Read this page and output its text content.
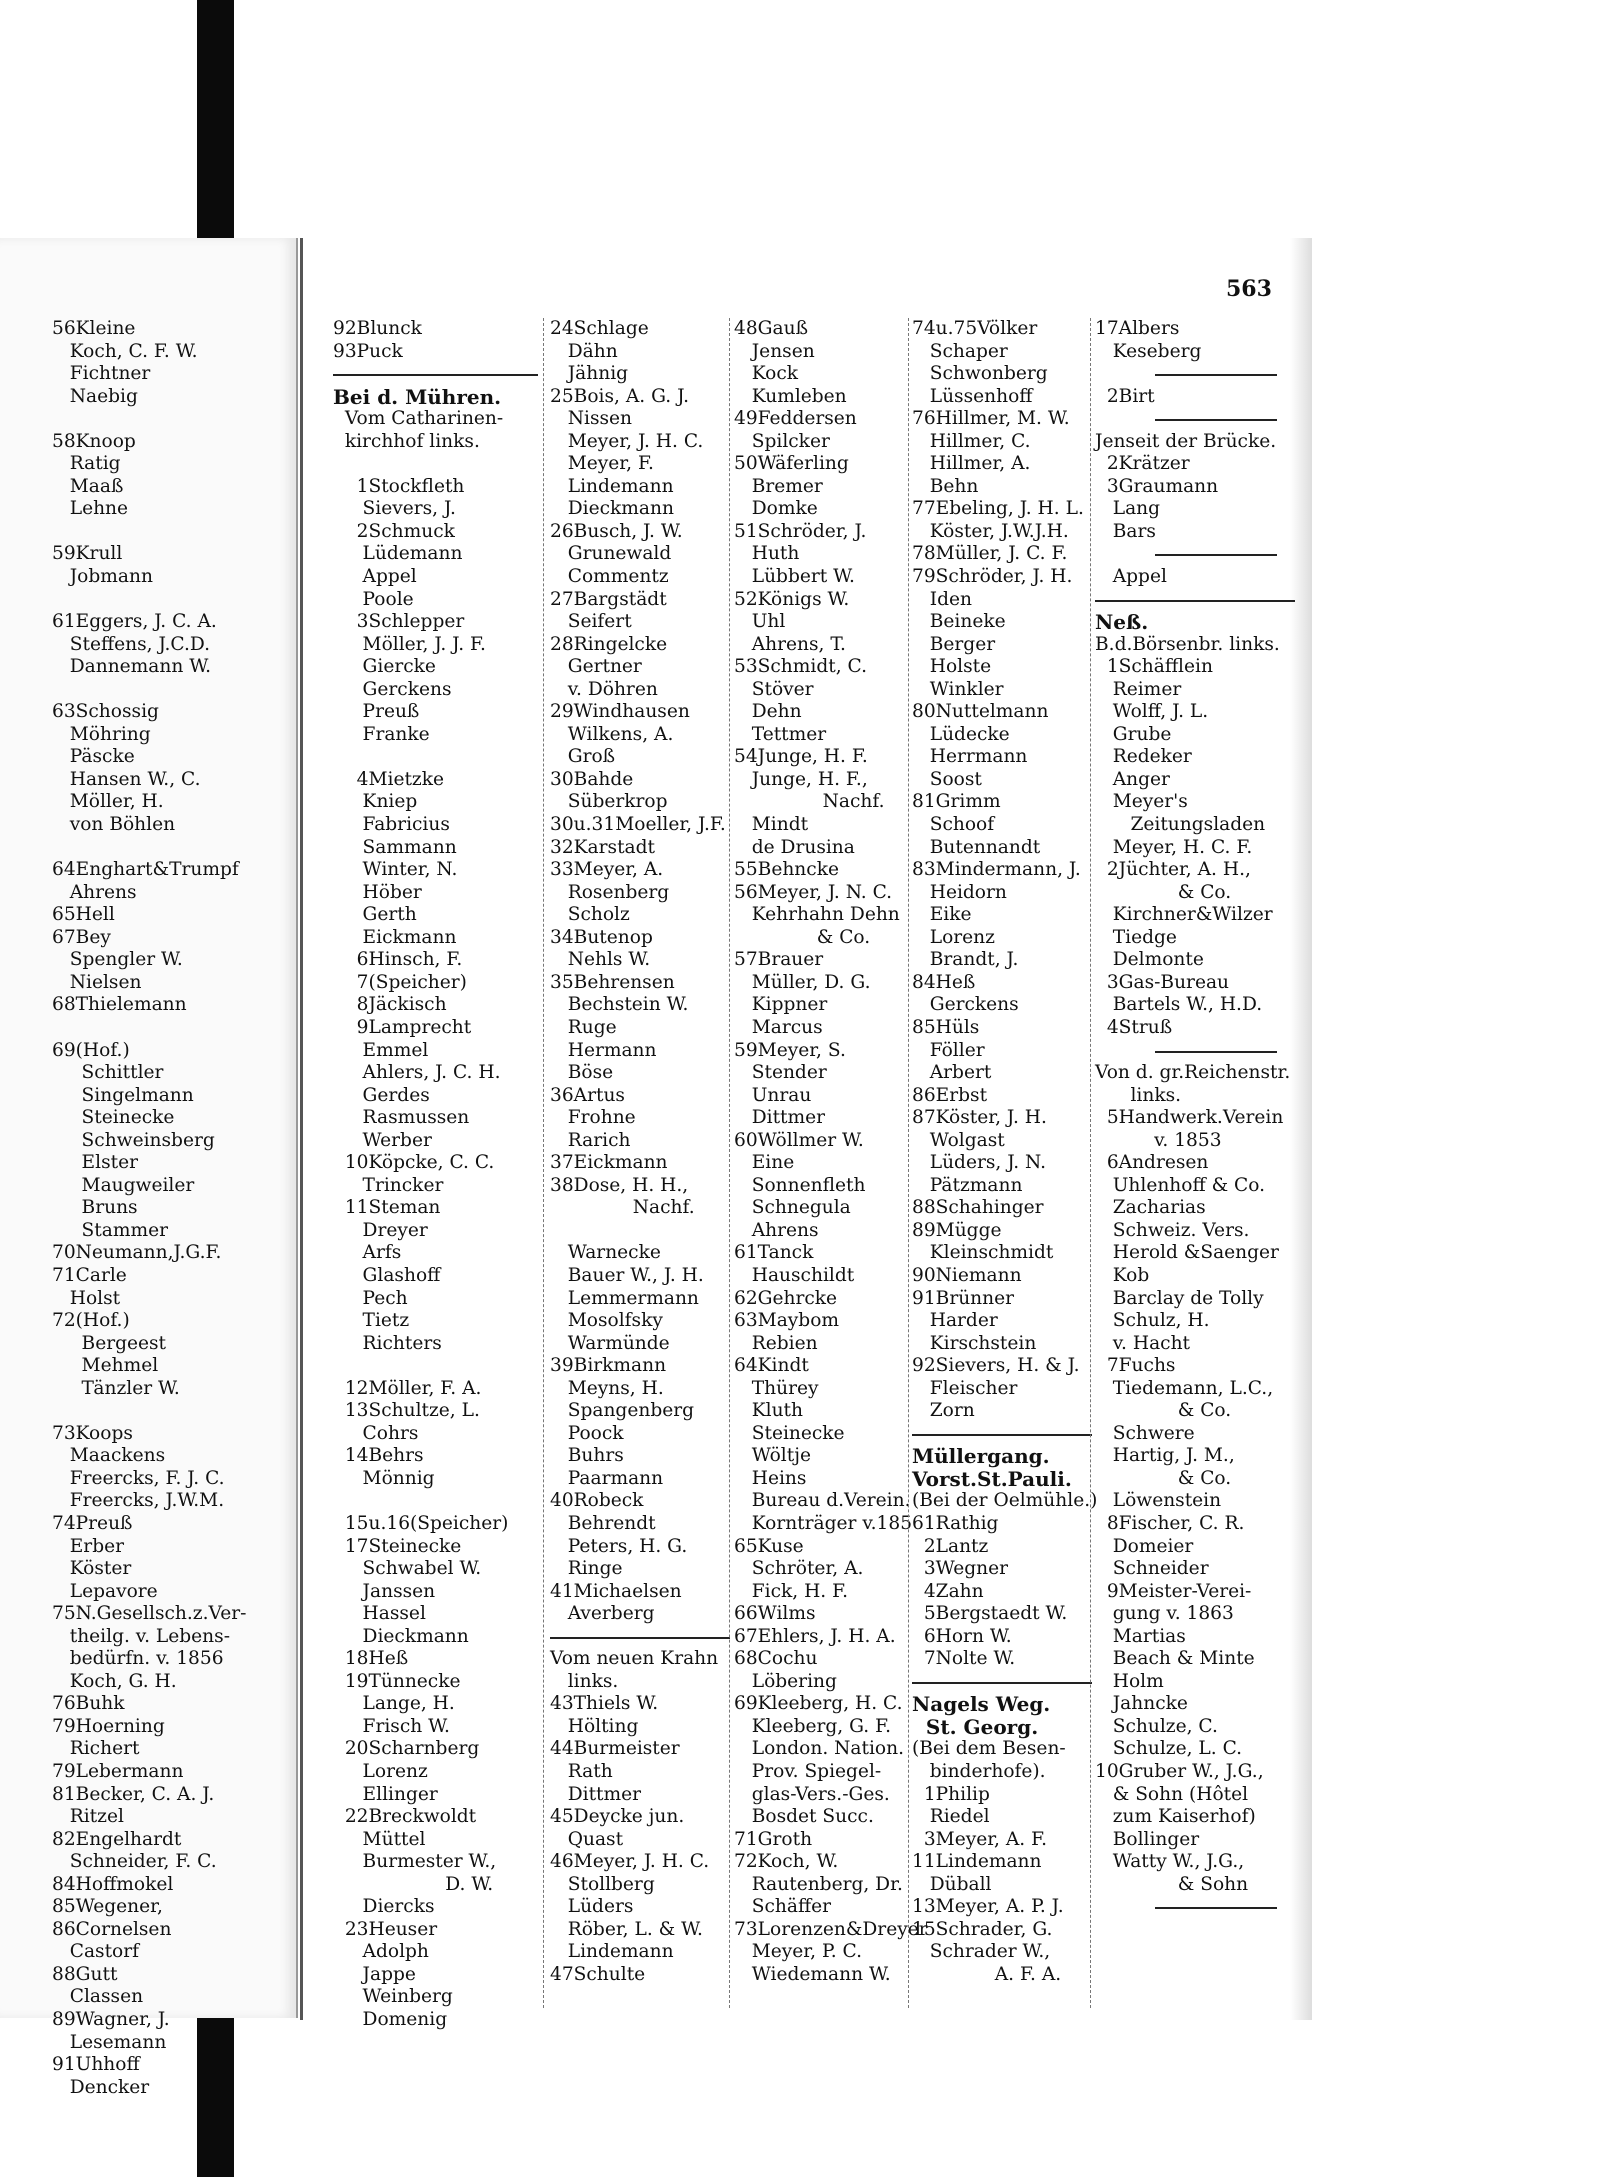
563
56Kleine
Koch, C. F. W.
Fichtner
Naebig
58Knoop
Ratig
Maaß
Lehne
59Krull
Jobmann
61Eggers, J. C. A.
Steffens, J.C.D.
Dannemann W.
63Schossig
Möhring
Päscke
Hansen W., C.
Möller, H.
von Böhlen
64Enghart&Trumpf
Ahrens
65Hell
67Bey
Spengler W.
Nielsen
68Thielemann
69(Hof.)
Schittler
Singelmann
Steinecke
Schweinsberg
Elster
Maugweiler
Bruns
Stammer
70Neumann,J.G.F.
71Carle
Holst
72(Hof.)
Bergeest
Mehmel
Tänzler W.
73Koops
Maackens
Freercks, F. J. C.
Freercks, J.W.M.
74Preuß
Erber
Köster
Lepavore
75N.Gesellsch.z.Ver-
theilg. v. Lebens-
bedürfn. v. 1856
Koch, G. H.
76Buhk
79Hoerning
Richert
79Lebermann
81Becker, C. A. J.
Ritzel
82Engelhardt
Schneider, F. C.
84Hoffmokel
85Wegener,
86Cornelsen
Castorf
88Gutt
Classen
89Wagner, J.
Lesemann
91Uhhoff
Dencker
92Blunck
93Puck
Bei d. Mühren.
Vom Catharinen-
kirchhof links.
1Stockfleth
Sievers, J.
2Schmuck
Lüdemann
Appel
Poole
3Schlepper
Möller, J. J. F.
Giercke
Gerckens
Preuß
Franke
4Mietzke
Kniep
Fabricius
Sammann
Winter, N.
Höber
Gerth
Eickmann
6Hinsch, F.
7(Speicher)
8Jäckisch
9Lamprecht
Emmel
Ahlers, J. C. H.
Gerdes
Rasmussen
Werber
10Köpcke, C. C.
Trincker
11Steman
Dreyer
Arfs
Glashoff
Pech
Tietz
Richters
12Möller, F. A.
13Schultze, L.
Cohrs
14Behrs
Mönnig
15u.16(Speicher)
17Steinecke
Schwabel W.
Janssen
Hassel
Dieckmann
18Heß
19Tünnecke
Lange, H.
Frisch W.
20Scharnberg
Lorenz
Ellinger
22Breckwoldt
Müttel
Burmester W.,
D. W.
Diercks
23Heuser
Adolph
Jappe
Weinberg
Domenig
24Schlage
Dähn
Jähnig
25Bois, A. G. J.
Nissen
Meyer, J. H. C.
Meyer, F.
Lindemann
Dieckmann
26Busch, J. W.
Grunewald
Commentz
27Bargstädt
Seifert
28Ringelcke
Gertner
v. Döhren
29Windhausen
Wilkens, A.
Groß
30Bahde
Süberkrop
30u.31Moeller, J.F.
32Karstadt
33Meyer, A.
Rosenberg
Scholz
34Butenop
Nehls W.
35Behrensen
Bechstein W.
Ruge
Hermann
Böse
36Artus
Frohne
Rarich
37Eickmann
38Dose, H. H.,
Nachf.
Warnecke
Bauer W., J. H.
Lemmermann
Mosolfsky
Warmünde
39Birkmann
Meyns, H.
Spangenberg
Poock
Buhrs
Paarmann
40Robeck
Behrendt
Peters, H. G.
Ringe
41Michaelsen
Averberg
Vom neuen Krahn
links.
43Thiels W.
Hölting
44Burmeister
Rath
Dittmer
45Deycke jun.
Quast
46Meyer, J. H. C.
Stollberg
Lüders
Röber, L. & W.
Lindemann
47Schulte
48Gauß
Jensen
Kock
Kumleben
49Feddersen
Spilcker
50Wäferling
Bremer
Domke
51Schröder, J.
Huth
Lübbert W.
52Königs W.
Uhl
Ahrens, T.
53Schmidt, C.
Stöver
Dehn
Tettmer
54Junge, H. F.
Junge, H. F.,
Nachf.
Mindt
de Drusina
55Behncke
56Meyer, J. N. C.
Kehrhahn Dehn
& Co.
57Brauer
Müller, D. G.
Kippner
Marcus
59Meyer, S.
Stender
Unrau
Dittmer
60Wöllmer W.
Eine
Sonnenfleth
Schnegula
Ahrens
61Tanck
Hauschildt
62Gehrcke
63Maybom
Rebien
64Kindt
Thürey
Kluth
Steinecke
Wöltje
Heins
Bureau d.Verein.
Kornträger v.1856
65Kuse
Schröter, A.
Fick, H. F.
66Wilms
67Ehlers, J. H. A.
68Cochu
Löbering
69Kleeberg, H. C.
Kleeberg, G. F.
London. Nation.
Prov. Spiegel-
glas-Vers.-Ges.
Bosdet Succ.
71Groth
72Koch, W.
Rautenberg, Dr.
Schäffer
73Lorenzen&Dreyer
Meyer, P. C.
Wiedemann W.
74u.75Völker
Schaper
Schwonberg
Lüssenhoff
76Hillmer, M. W.
Hillmer, C.
Hillmer, A.
Behn
77Ebeling, J. H. L.
Köster, J.W.J.H.
78Müller, J. C. F.
79Schröder, J. H.
Iden
Beineke
Berger
Holste
Winkler
80Nuttelmann
Lüdecke
Herrmann
Soost
81Grimm
Schoof
Butennandt
83Mindermann, J.
Heidorn
Eike
Lorenz
Brandt, J.
84Heß
Gerckens
85Hüls
Föller
Arbert
86Erbst
87Köster, J. H.
Wolgast
Lüders, J. N.
Pätzmann
88Schahinger
89Mügge
Kleinschmidt
90Niemann
91Brünner
Harder
Kirschstein
92Sievers, H. & J.
Fleischer
Zorn
Müllergang.
Vorst.St.Pauli.
(Bei der Oelmühle.)
1Rathig
2Lantz
3Wegner
4Zahn
5Bergstaedt W.
6Horn W.
7Nolte W.
Nagels Weg.
St. Georg.
(Bei dem Besen-
binderhofe).
1Philip
Riedel
3Meyer, A. F.
11Lindemann
Düball
13Meyer, A. P. J.
15Schrader, G.
Schrader W.,
A. F. A.
17Albers
Keseberg
2Birt
Jenseit der Brücke.
2Krätzer
3Graumann
Lang
Bars
Appel
Neß.
B.d.Börsenbr. links.
1Schäfflein
Reimer
Wolff, J. L.
Grube
Redeker
Anger
Meyer's
Zeitungsladen
Meyer, H. C. F.
2Jüchter, A. H.,
& Co.
Kirchner&Wilzer
Tiedge
Delmonte
3Gas-Bureau
Bartels W., H.D.
4Struß
Von d. gr.Reichenstr.
links.
5Handwerk.Verein
v. 1853
6Andresen
Uhlenhoff & Co.
Zacharias
Schweiz. Vers.
Herold &Saenger
Kob
Barclay de Tolly
Schulz, H.
v. Hacht
7Fuchs
Tiedemann, L.C.,
& Co.
Schwere
Hartig, J. M.,
& Co.
Löwenstein
8Fischer, C. R.
Domeier
Schneider
9Meister-Verei-
gung v. 1863
Martias
Beach & Minte
Holm
Jahncke
Schulze, C.
Schulze, L. C.
10Gruber W., J.G.,
& Sohn (Hôtel
zum Kaiserhof)
Bollinger
Watty W., J.G.,
& Sohn
